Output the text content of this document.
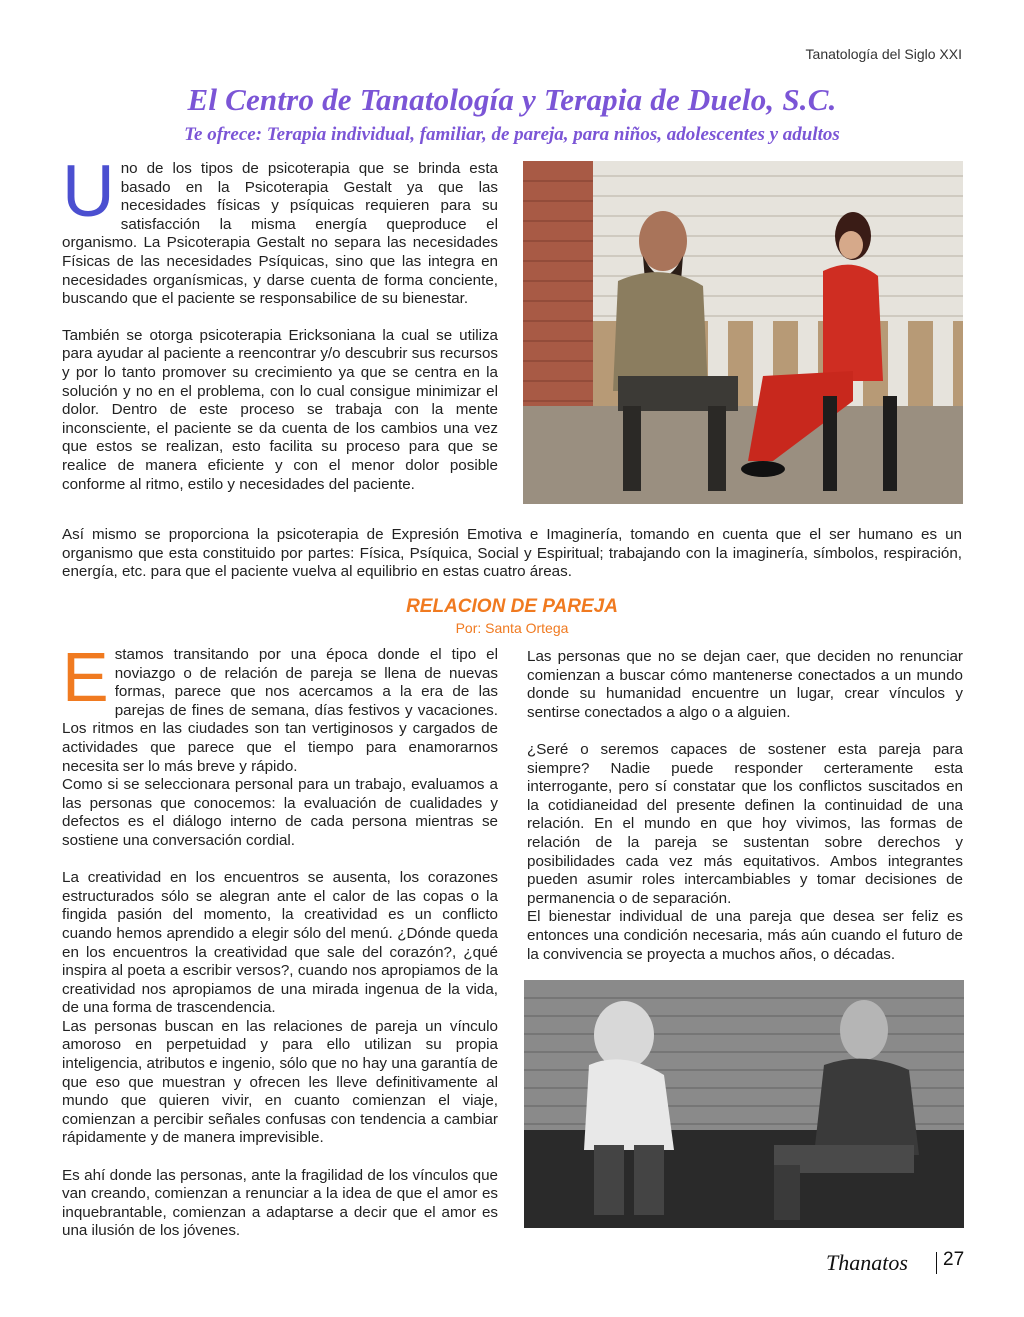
Tanatología del Siglo XXI
El Centro de Tanatología y Terapia de Duelo, S.C.
Te ofrece: Terapia individual, familiar, de pareja, para niños, adolescentes y adultos

U no de los tipos de psicoterapia que se brinda esta basado en la Psicoterapia Gestalt ya que las necesidades físicas y psíquicas requieren para su satisfacción la misma energía queproduce el organismo. La Psicoterapia Gestalt no separa las necesidades Físicas de las necesidades Psíquicas, sino que las integra en necesidades organísmicas, y darse cuenta de forma conciente, buscando que el paciente se responsabilice de su bienestar.

También se otorga psicoterapia Ericksoniana la cual se utiliza para ayudar al paciente a reencontrar y/o descubrir sus recursos y por lo tanto promover su crecimiento ya que se centra en la solución y no en el problema, con lo cual consigue minimizar el dolor. Dentro de este proceso se trabaja con la mente inconsciente, el paciente se da cuenta de los cambios una vez que estos se realizan, esto facilita su proceso para que se realice de manera eficiente y con el menor dolor posible conforme al ritmo, estilo y necesidades del paciente.

Así mismo se proporciona la psicoterapia de Expresión Emotiva e Imaginería, tomando en cuenta que el ser humano es un organismo que esta constituido por partes: Física, Psíquica, Social y Espiritual; trabajando con la imaginería, símbolos, respiración, energía, etc. para que el paciente vuelva al equilibrio en estas cuatro áreas.

RELACION DE PAREJA
Por: Santa Ortega

E stamos transitando por una época donde el tipo el noviazgo o de relación de pareja se llena de nuevas formas, parece que nos acercamos a la era de las parejas de fines de semana, días festivos y vacaciones. Los ritmos en las ciudades son tan vertiginosos y cargados de actividades que parece que el tiempo para enamorarnos necesita ser lo más breve y rápido.

Como si se seleccionara personal para un trabajo, evaluamos a las personas que conocemos: la evaluación de cualidades y defectos es el diálogo interno de cada persona mientras se sostiene una conversación cordial.

La creatividad en los encuentros se ausenta, los corazones estructurados sólo se alegran ante el calor de las copas o la fingida pasión del momento, la creatividad es un conflicto cuando hemos aprendido a elegir sólo del menú. ¿Dónde queda en los encuentros la creatividad que sale del corazón?, ¿qué inspira al poeta a escribir versos?, cuando nos apropiamos de la creatividad nos apropiamos de una mirada ingenua de la vida, de una forma de trascendencia.

Las personas buscan en las relaciones de pareja un vínculo amoroso en perpetuidad y para ello utilizan su propia inteligencia, atributos e ingenio, sólo que no hay una garantía de que eso que muestran y ofrecen les lleve definitivamente al mundo que quieren vivir, en cuanto comienzan el viaje, comienzan a percibir señales confusas con tendencia a cambiar rápidamente y de manera imprevisible.

Es ahí donde las personas, ante la fragilidad de los vínculos que van creando, comienzan a renunciar a la idea de que el amor es inquebrantable, comienzan a adaptarse a decir que el amor es una ilusión de los jóvenes.

Las personas que no se dejan caer, que deciden no renunciar comienzan a buscar cómo mantenerse conectados a un mundo donde su humanidad encuentre un lugar, crear vínculos y sentirse conectados a algo o a alguien.

¿Seré o seremos capaces de sostener esta pareja para siempre? Nadie puede responder certeramente esta interrogante, pero sí constatar que los conflictos suscitados en la cotidianeidad del presente definen la continuidad de una relación. En el mundo en que hoy vivimos, las formas de relación de la pareja se sustentan sobre derechos y posibilidades cada vez más equitativos. Ambos integrantes pueden asumir roles intercambiables y tomar decisiones de permanencia o de separación.

El bienestar individual de una pareja que desea ser feliz es entonces una condición necesaria, más aún cuando el futuro de la convivencia se proyecta a muchos años, o décadas.

Thanatos 27
